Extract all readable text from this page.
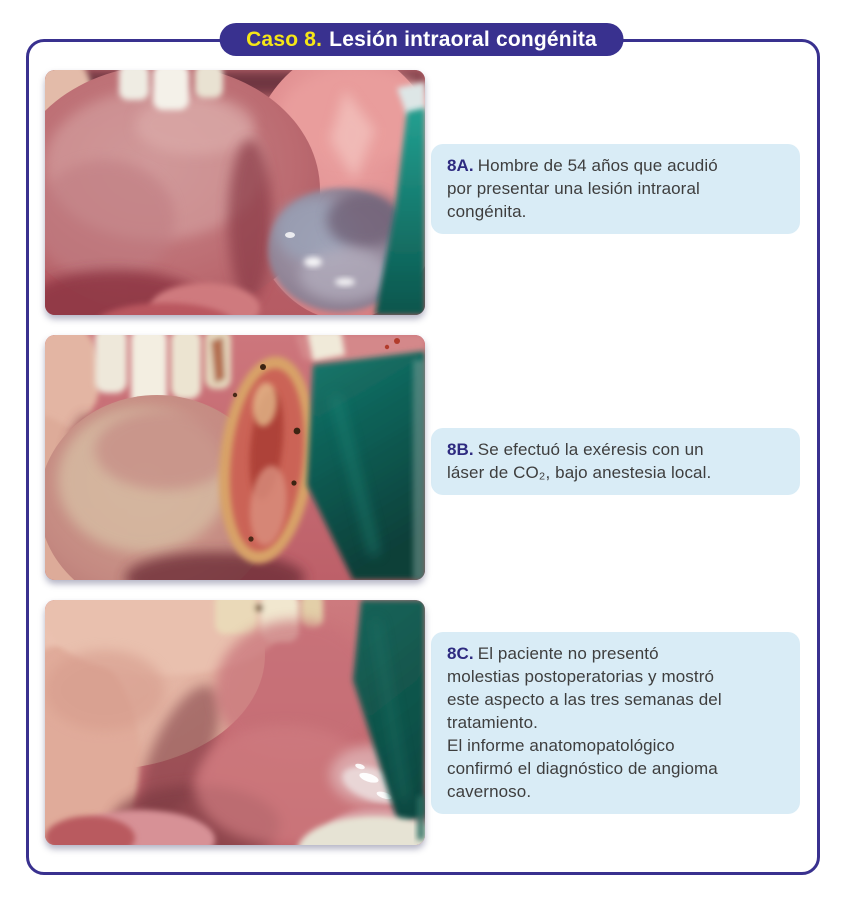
Caso 8. Lesión intraoral congénita

8A. Hombre de 54 años que acudió
por presentar una lesión intraoral
congénita.

8B. Se efectuó la exéresis con un
láser de CO₂, bajo anestesia local.

8C. El paciente no presentó
molestias postoperatorias y mostró
este aspecto a las tres semanas del
tratamiento.
El informe anatomopatológico
confirmó el diagnóstico de angioma
cavernoso.
